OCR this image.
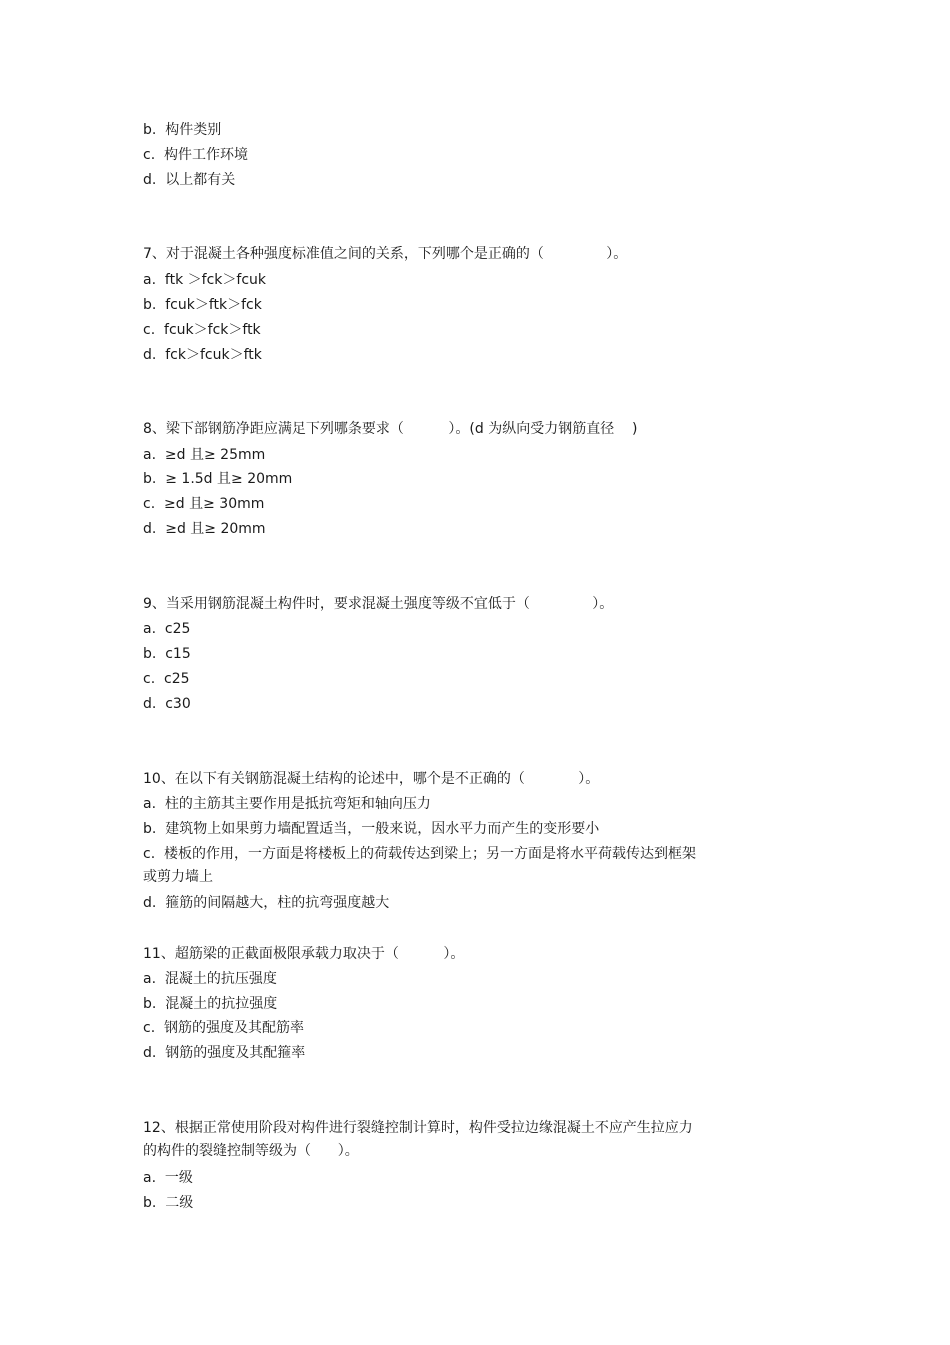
b.  构件类别
c.  构件工作环境
d.  以上都有关
7、对于混凝土各种强度标准值之间的关系，下列哪个是正确的（              ）。
a.  ftk ＞fck＞fcuk
b.  fcuk＞ftk＞fck
c.  fcuk＞fck＞ftk
d.  fck＞fcuk＞ftk
8、梁下部钢筋净距应满足下列哪条要求（          ）。(d 为纵向受力钢筋直径    )
a.  ≥d 且≥ 25mm
b.  ≥ 1.5d 且≥ 20mm
c.  ≥d 且≥ 30mm
d.  ≥d 且≥ 20mm
9、当采用钢筋混凝土构件时，要求混凝土强度等级不宜低于（              ）。
a.  c25
b.  c15
c.  c25
d.  c30
10、在以下有关钢筋混凝土结构的论述中，哪个是不正确的（            ）。
a.  柱的主筋其主要作用是抵抗弯矩和轴向压力
b.  建筑物上如果剪力墙配置适当，一般来说，因水平力而产生的变形要小
c.  楼板的作用，一方面是将楼板上的荷载传达到梁上；另一方面是将水平荷载传达到框架
或剪力墙上
d.  箍筋的间隔越大，柱的抗弯强度越大
11、超筋梁的正截面极限承载力取决于（          ）。
a.  混凝土的抗压强度
b.  混凝土的抗拉强度
c.  钢筋的强度及其配筋率
d.  钢筋的强度及其配箍率
12、根据正常使用阶段对构件进行裂缝控制计算时，构件受拉边缘混凝土不应产生拉应力
的构件的裂缝控制等级为（      ）。
a.  一级
b.  二级
